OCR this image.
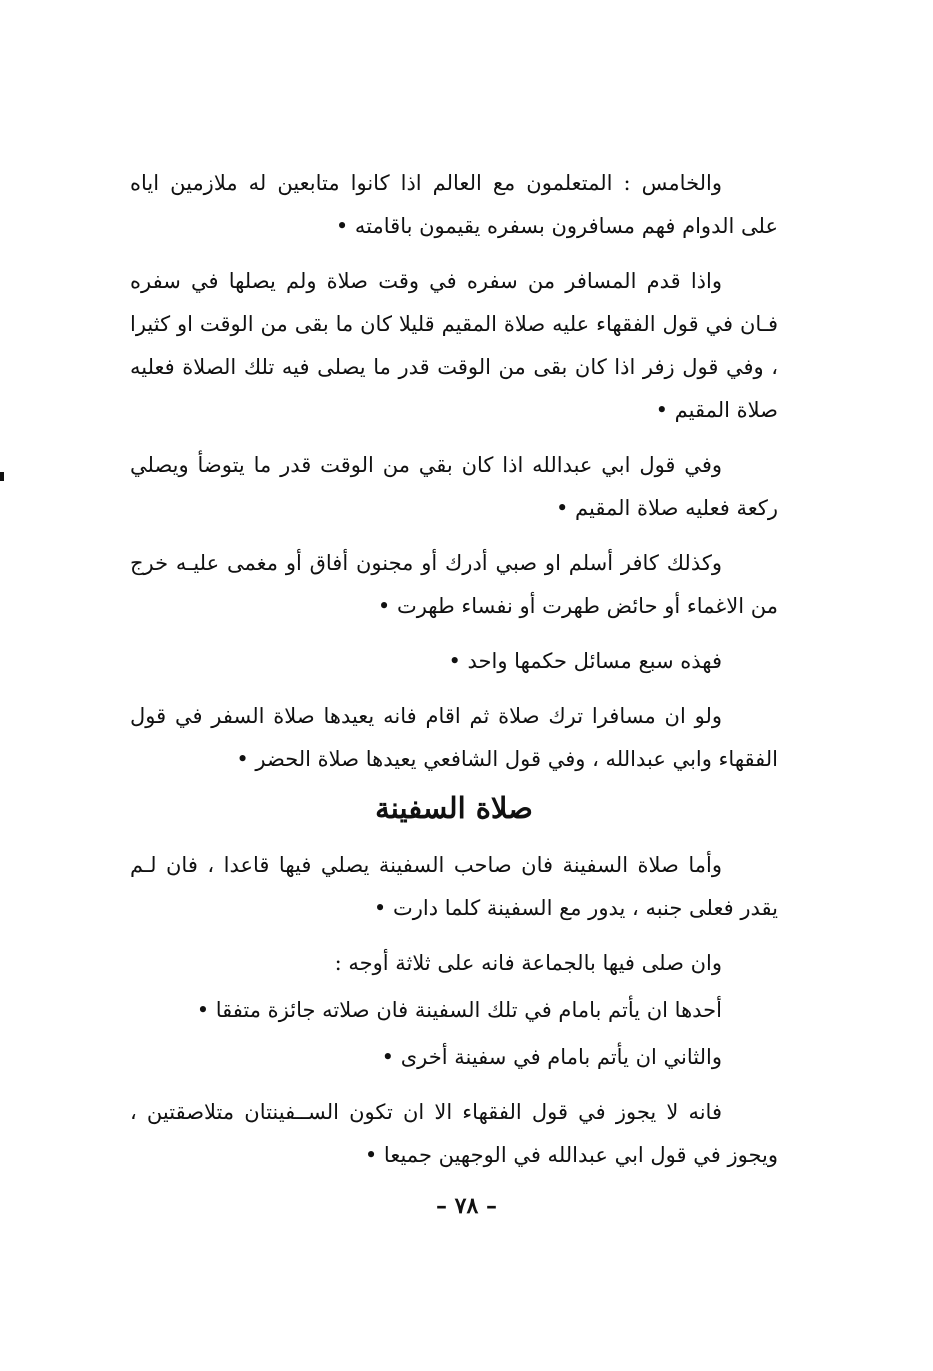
والخامس : المتعلمون مع العالم اذا كانوا متابعين له ملازمين اياه على الدوام فهم مسافرون بسفره يقيمون باقامته •

واذا قدم المسافر من سفره في وقت صلاة ولم يصلها في سفره فـان في قول الفقهاء عليه صلاة المقيم قليلا كان ما بقى من الوقت او كثيرا ، وفي قول زفر اذا كان بقى من الوقت قدر ما يصلى فيه تلك الصلاة فعليه صلاة المقيم •

وفي قول ابي عبدالله اذا كان بقي من الوقت قدر ما يتوضأ ويصلي ركعة فعليه صلاة المقيم •

وكذلك كافر أسلم او صبي أدرك أو مجنون أفاق أو مغمى عليـه خرج من الاغماء أو حائض طهرت أو نفساء طهرت •

فهذه سبع مسائل حكمها واحد •

ولو ان مسافرا ترك صلاة ثم اقام فانه يعيدها صلاة السفر في قول الفقهاء وابي عبدالله ، وفي قول الشافعي يعيدها صلاة الحضر •

صلاة السفينة

وأما صلاة السفينة فان صاحب السفينة يصلي فيها قاعدا ، فان لـم يقدر فعلى جنبه ، يدور مع السفينة كلما دارت •

وان صلى فيها بالجماعة فانه على ثلاثة أوجه :

أحدها ان يأتم بامام في تلك السفينة فان صلاته جائزة متفقا •

والثاني ان يأتم بامام في سفينة أخرى •

فانه لا يجوز في قول الفقهاء الا ان تكون الســفينتان متلاصقتين ، ويجوز في قول ابي عبدالله في الوجهين جميعا •

– ٧٨ –
